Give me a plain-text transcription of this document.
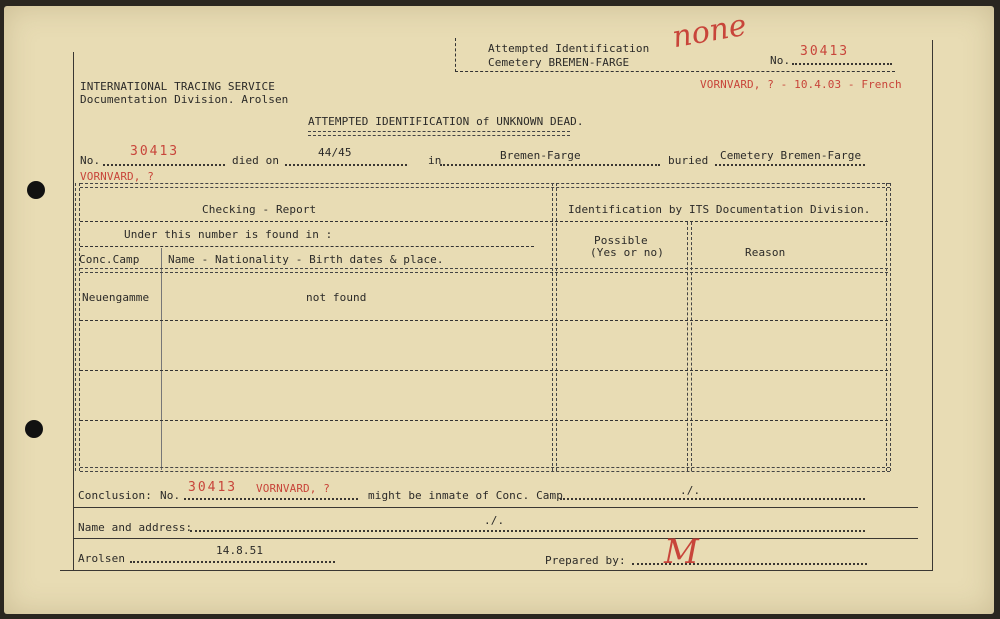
Attempted Identification
Cemetery BREMEN-FARGE
none
No.
30413
INTERNATIONAL TRACING SERVICE
Documentation Division. Arolsen
VORNVARD, ? - 10.4.03 - French
ATTEMPTED IDENTIFICATION of UNKNOWN DEAD.
No.
30413
died on
44/45
in	Bremen-Farge	buried Cemetery Bremen-Farge
VORNVARD, ?
Checking - Report	Identification by ITS Documentation Division.
Under this number is found in :
Conc.Camp	Name - Nationality - Birth dates & place.
Possible
(Yes or no)	Reason
Neuengamme	not found
Conclusion: No.
30413 VORNVARD, ?
might be inmate of Conc. Camp	./.
Name and address:
./.
Arolsen
14.8.51
Prepared by: M
